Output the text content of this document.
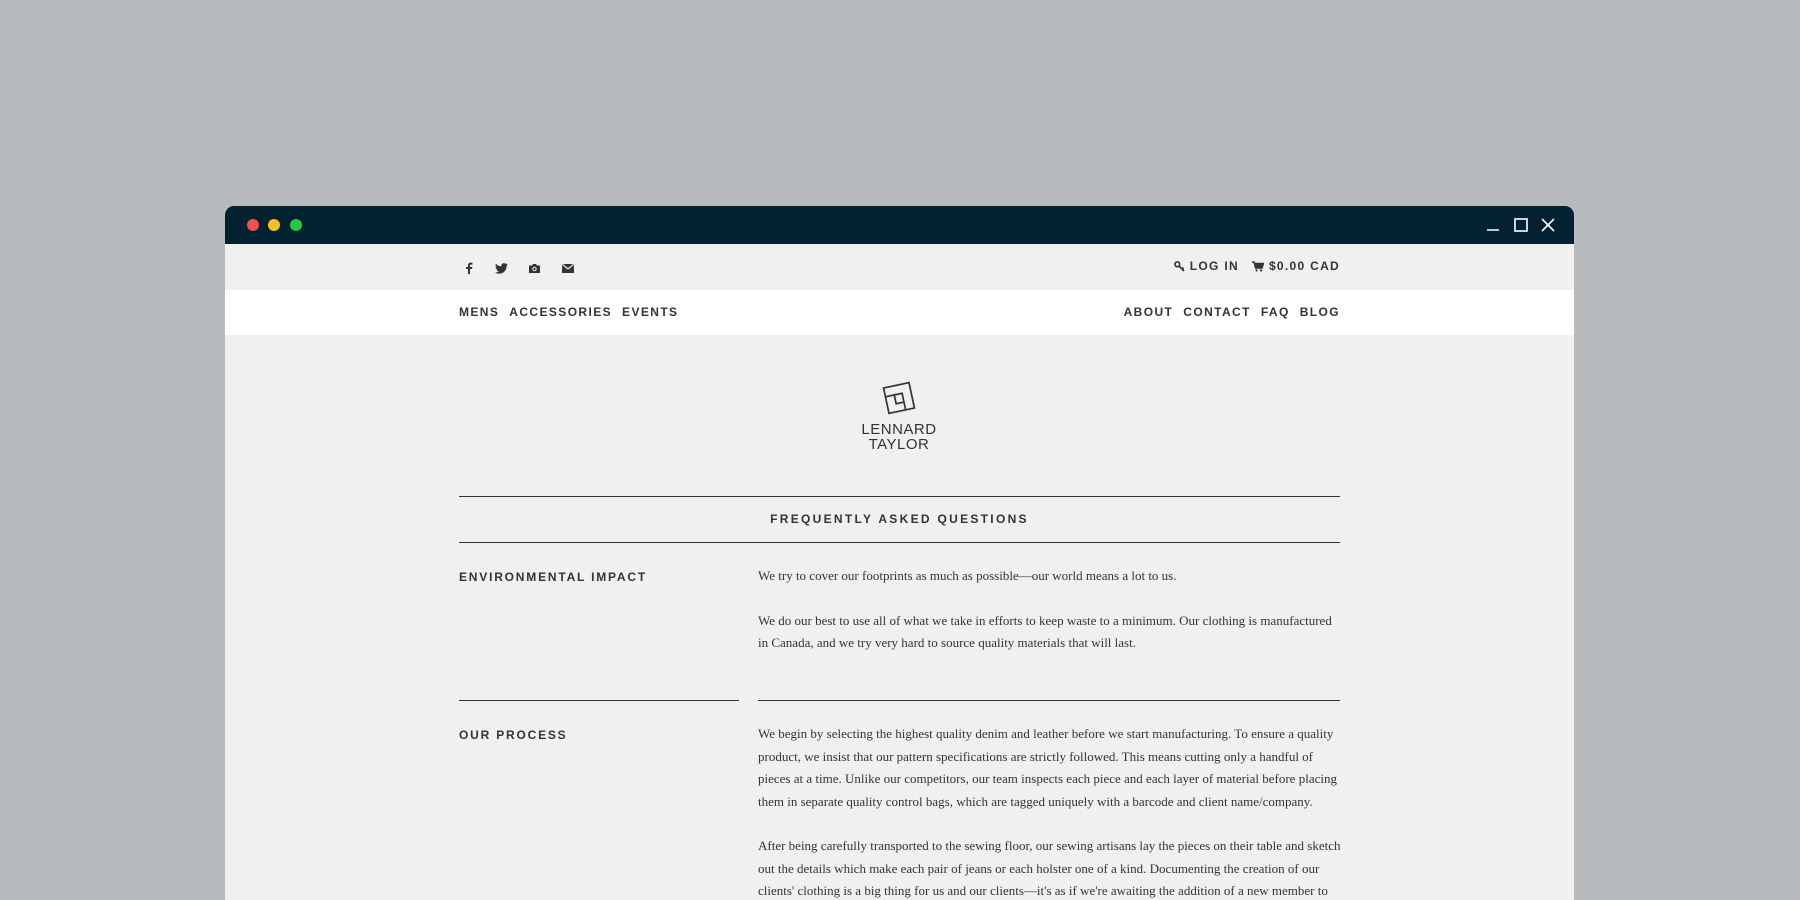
LOG IN	$0.00 CAD
MENS ACCESSORIES EVENTS	ABOUT CONTACT FAQ BLOG
LENNARD
TAYLOR
FREQUENTLY ASKED QUESTIONS
ENVIRONMENTAL IMPACT	We try to cover our footprints as much as possible—our world means a lot to us.

We do our best to use all of what we take in efforts to keep waste to a minimum. Our clothing is manufactured in Canada, and we try very hard to source quality materials that will last.

OUR PROCESS	We begin by selecting the highest quality denim and leather before we start manufacturing. To ensure a quality product, we insist that our pattern specifications are strictly followed. This means cutting only a handful of pieces at a time. Unlike our competitors, our team inspects each piece and each layer of material before placing them in separate quality control bags, which are tagged uniquely with a barcode and client name/company.

After being carefully transported to the sewing floor, our sewing artisans lay the pieces on their table and sketch out the details which make each pair of jeans or each holster one of a kind. Documenting the creation of our clients' clothing is a big thing for us and our clients—it's as if we're awaiting the addition of a new member to
